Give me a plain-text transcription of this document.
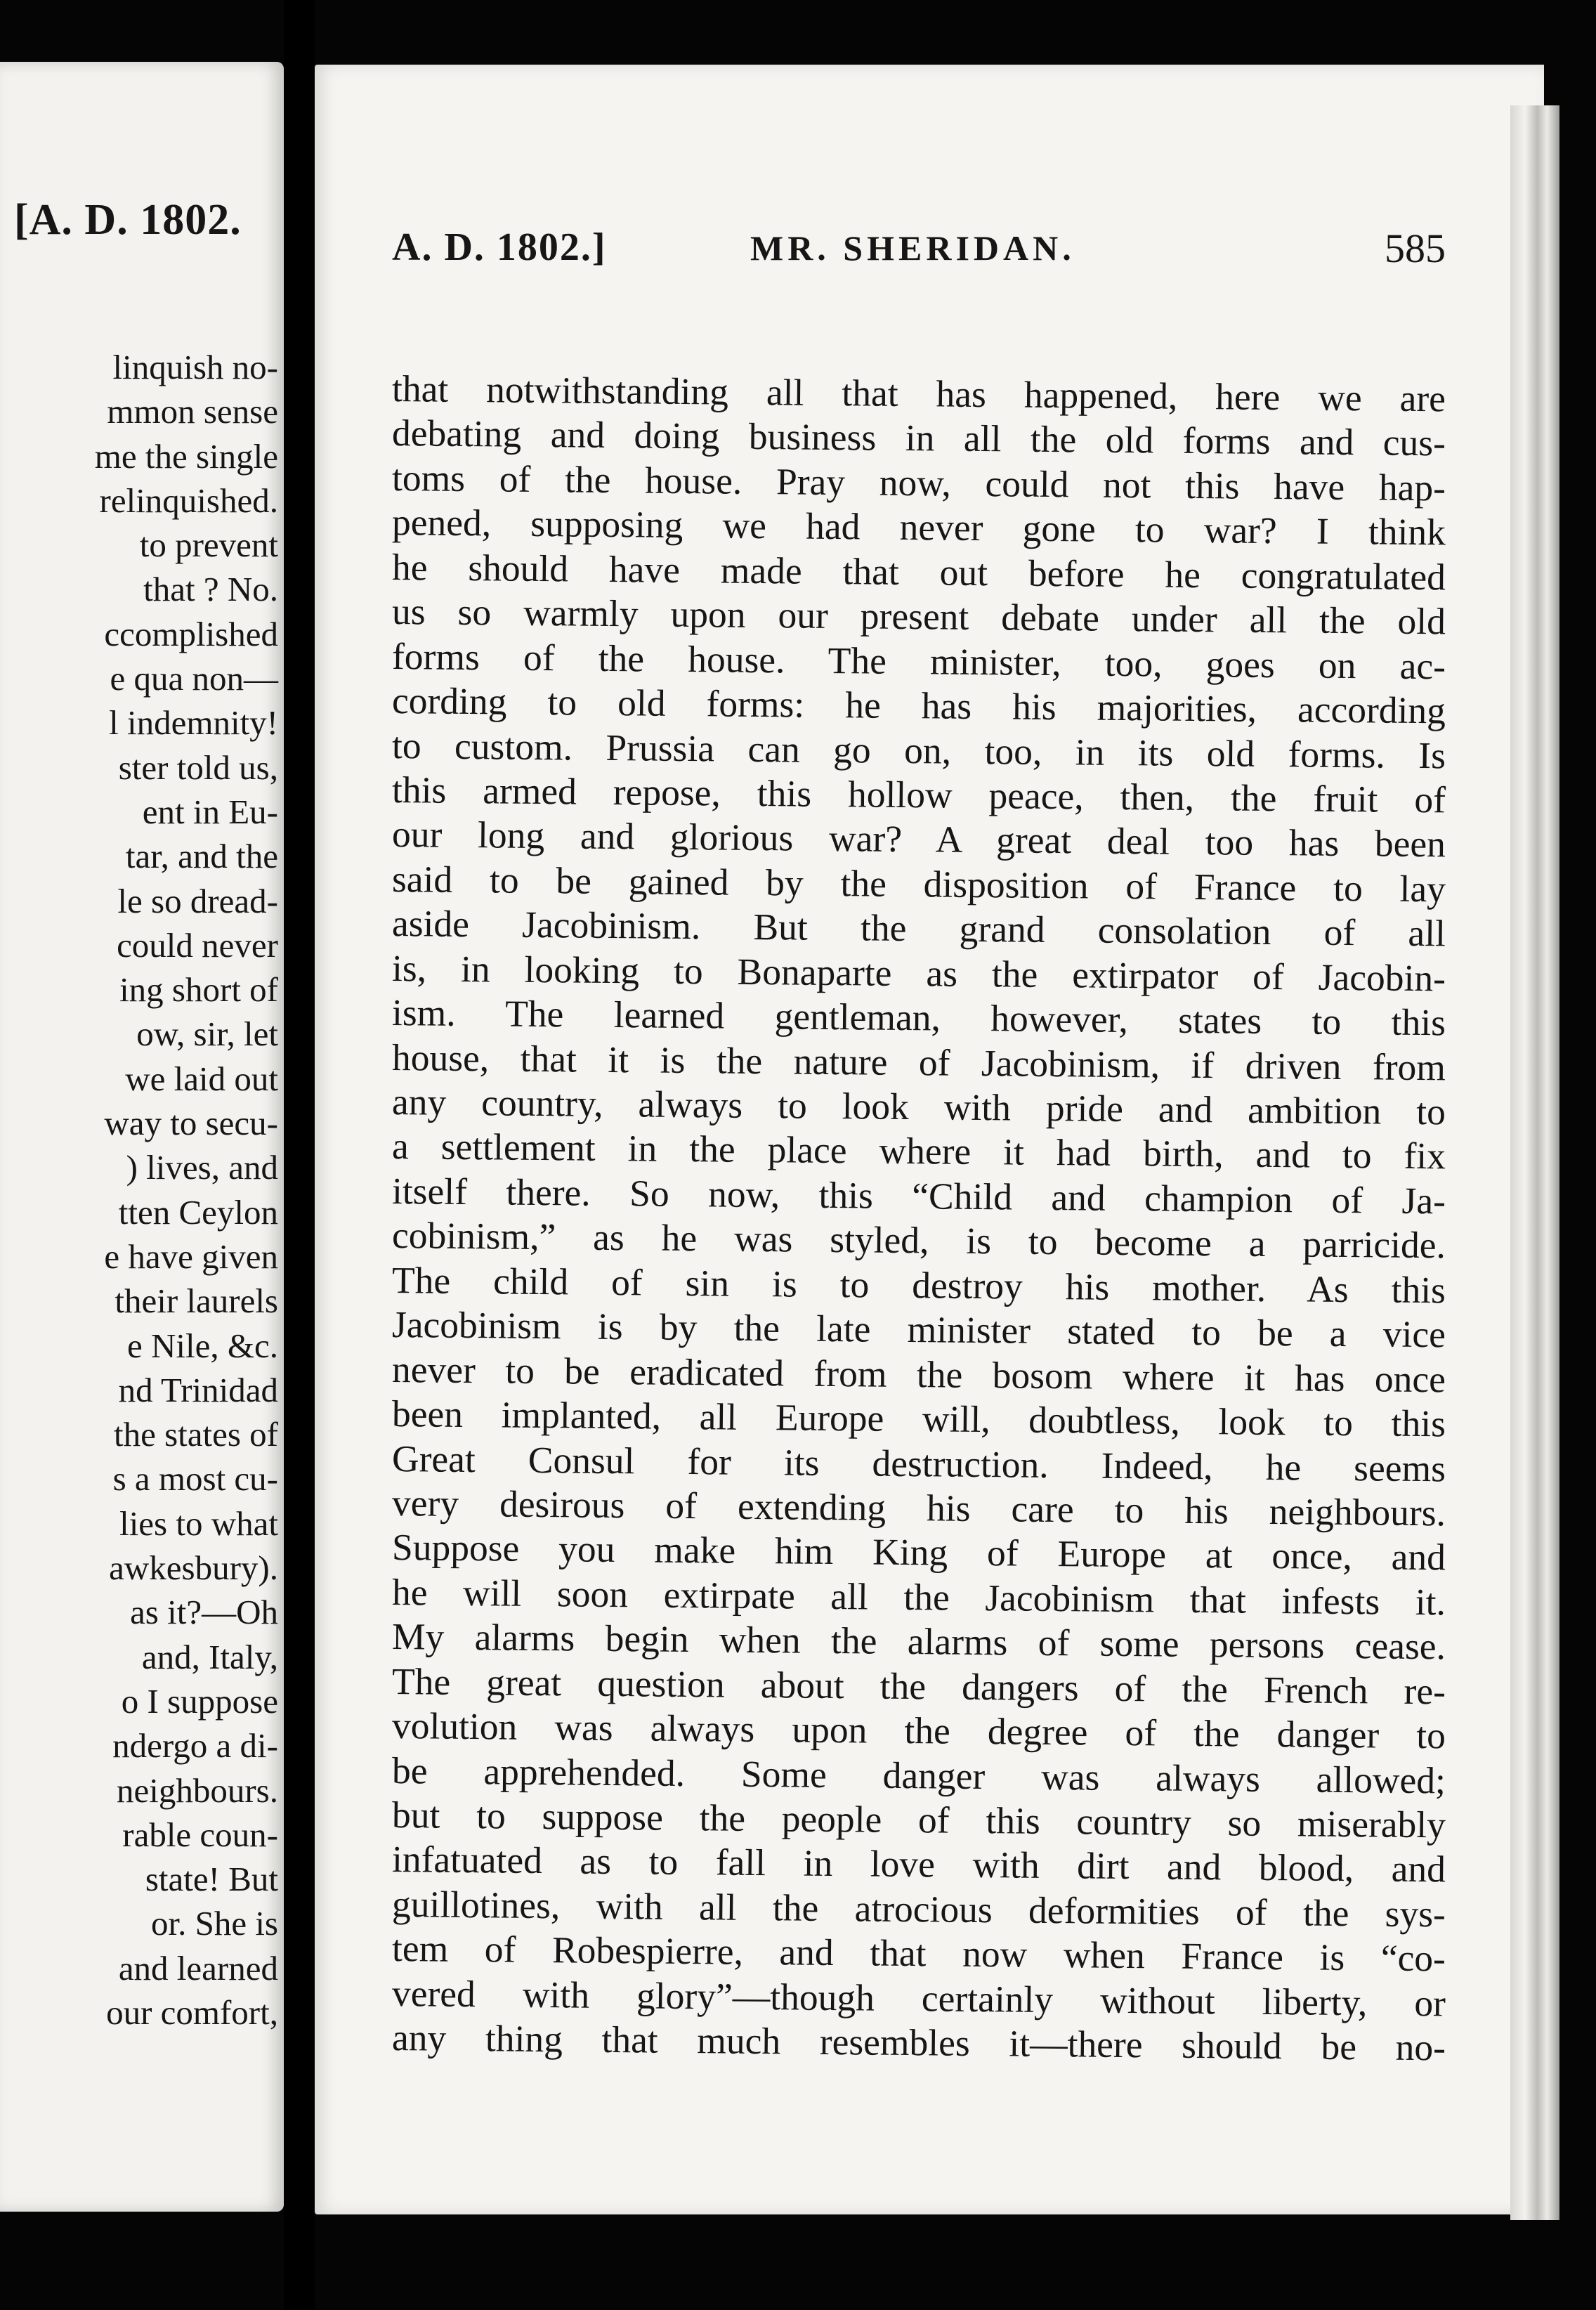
[A. D. 1802.
linquish no-
mmon sense
me the single
relinquished.
to prevent
that ? No.
ccomplished
e qua non—
l indemnity!
ster told us,
ent in Eu-
tar, and the
le so dread-
could never
ing short of
ow, sir, let
we laid out
way to secu-
) lives, and
tten Ceylon
e have given
their laurels
e Nile, &c.
nd Trinidad
the states of
s a most cu-
lies to what
awkesbury).
as it?—Oh
and, Italy,
o I suppose
ndergo a di-
neighbours.
rable coun-
state! But
or. She is
and learned
our comfort,
A. D. 1802.]	MR. SHERIDAN.	585
that notwithstanding all that has happened, here we are
debating and doing business in all the old forms and cus-
toms of the house. Pray now, could not this have hap-
pened, supposing we had never gone to war? I think
he should have made that out before he congratulated
us so warmly upon our present debate under all the old
forms of the house. The minister, too, goes on ac-
cording to old forms: he has his majorities, according
to custom. Prussia can go on, too, in its old forms. Is
this armed repose, this hollow peace, then, the fruit of
our long and glorious war? A great deal too has been
said to be gained by the disposition of France to lay
aside Jacobinism. But the grand consolation of all
is, in looking to Bonaparte as the extirpator of Jacobin-
ism. The learned gentleman, however, states to this
house, that it is the nature of Jacobinism, if driven from
any country, always to look with pride and ambition to
a settlement in the place where it had birth, and to fix
itself there. So now, this “Child and champion of Ja-
cobinism,” as he was styled, is to become a parricide.
The child of sin is to destroy his mother. As this
Jacobinism is by the late minister stated to be a vice
never to be eradicated from the bosom where it has once
been implanted, all Europe will, doubtless, look to this
Great Consul for its destruction. Indeed, he seems
very desirous of extending his care to his neighbours.
Suppose you make him King of Europe at once, and
he will soon extirpate all the Jacobinism that infests it.
My alarms begin when the alarms of some persons cease.
The great question about the dangers of the French re-
volution was always upon the degree of the danger to
be apprehended. Some danger was always allowed;
but to suppose the people of this country so miserably
infatuated as to fall in love with dirt and blood, and
guillotines, with all the atrocious deformities of the sys-
tem of Robespierre, and that now when France is “co-
vered with glory”—though certainly without liberty, or
any thing that much resembles it—there should be no-
